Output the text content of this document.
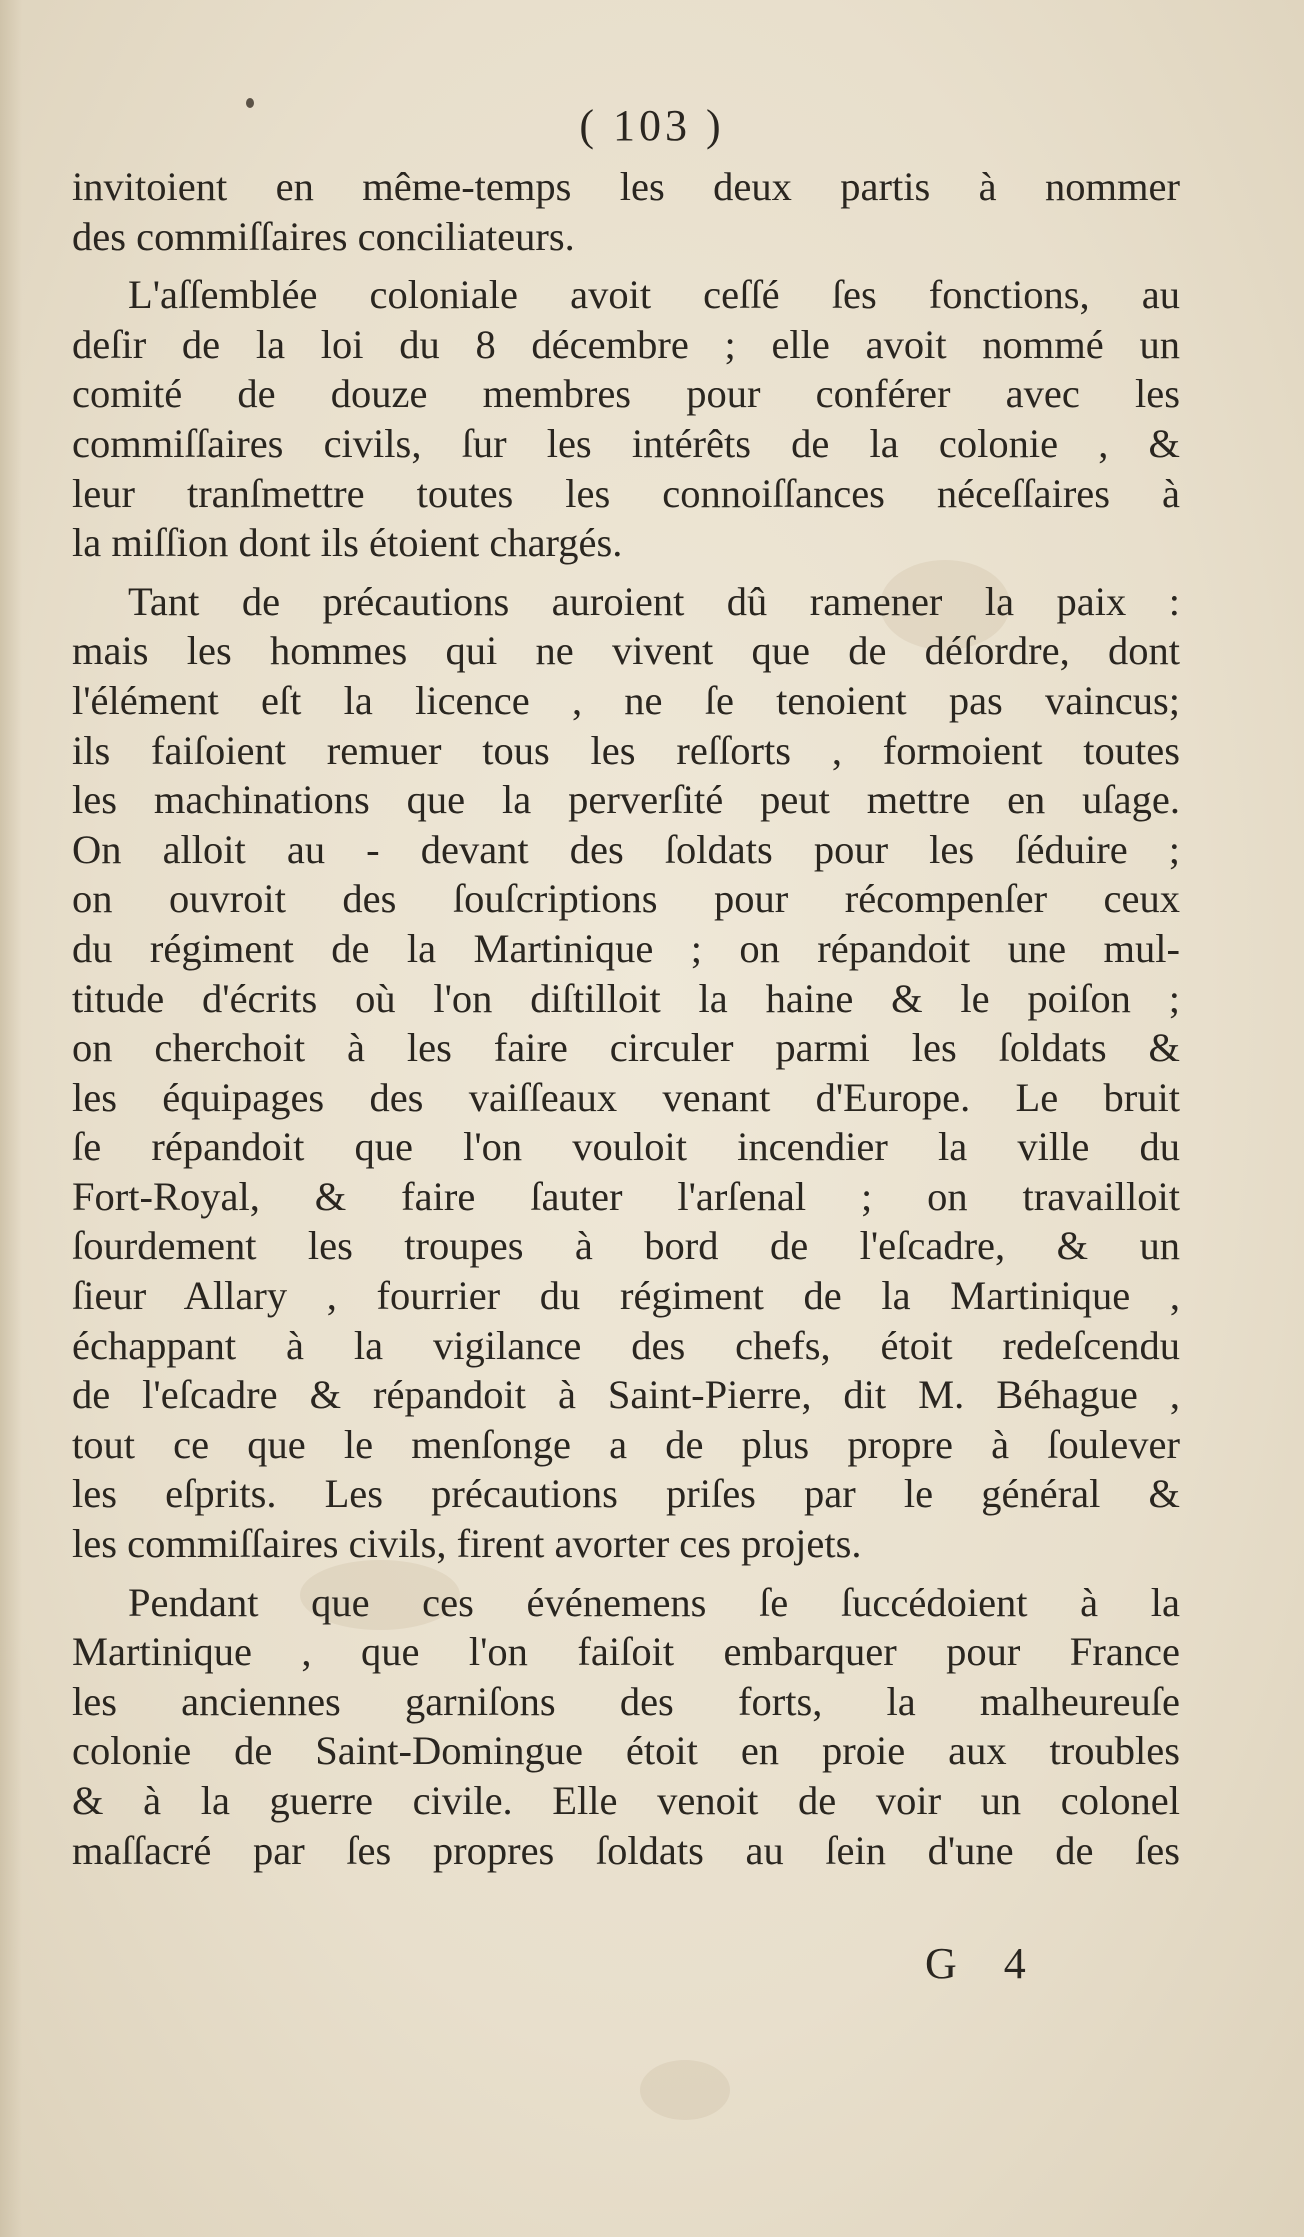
( 103 )
invitoient en même-temps les deux partis à nommer
des commiſſaires conciliateurs.
L'aſſemblée coloniale avoit ceſſé ſes fonctions, au
deſir de la loi du 8 décembre ; elle avoit nommé un
comité de douze membres pour conférer avec les
commiſſaires civils, ſur les intérêts de la colonie , &
leur tranſmettre toutes les connoiſſances néceſſaires à
la miſſion dont ils étoient chargés.
Tant de précautions auroient dû ramener la paix :
mais les hommes qui ne vivent que de déſordre, dont
l'élément eſt la licence , ne ſe tenoient pas vaincus;
ils faiſoient remuer tous les reſſorts , formoient toutes
les machinations que la perverſité peut mettre en uſage.
On alloit au - devant des ſoldats pour les ſéduire ;
on ouvroit des ſouſcriptions pour récompenſer ceux
du régiment de la Martinique ; on répandoit une mul-
titude d'écrits où l'on diſtilloit la haine & le poiſon ;
on cherchoit à les faire circuler parmi les ſoldats &
les équipages des vaiſſeaux venant d'Europe. Le bruit
ſe répandoit que l'on vouloit incendier la ville du
Fort-Royal, & faire ſauter l'arſenal ; on travailloit
ſourdement les troupes à bord de l'eſcadre, & un
ſieur Allary , fourrier du régiment de la Martinique ,
échappant à la vigilance des chefs, étoit redeſcendu
de l'eſcadre & répandoit à Saint-Pierre, dit M. Béhague ,
tout ce que le menſonge a de plus propre à ſoulever
les eſprits. Les précautions priſes par le général &
les commiſſaires civils, firent avorter ces projets.
Pendant que ces événemens ſe ſuccédoient à la
Martinique , que l'on faiſoit embarquer pour France
les anciennes garniſons des forts, la malheureuſe
colonie de Saint-Domingue étoit en proie aux troubles
& à la guerre civile. Elle venoit de voir un colonel
maſſacré par ſes propres ſoldats au ſein d'une de ſes
G 4
